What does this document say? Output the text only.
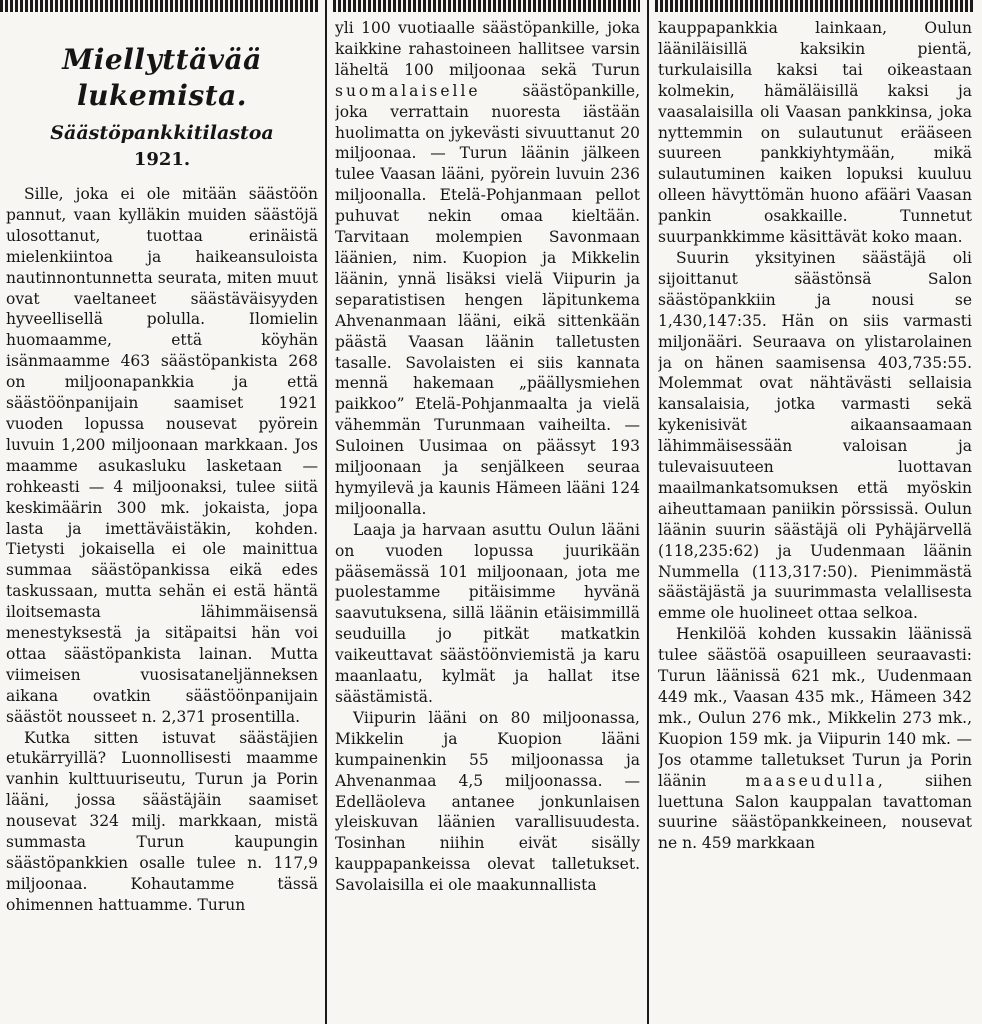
Miellyttävää lukemista.
Säästöpankkitilastoa
1921.

Sille, joka ei ole mitään säästöön pannut, vaan kylläkin muiden säästöjä ulosottanut, tuottaa erinäistä mielenkiintoa ja haikeansuloista nautinnontunnetta seurata, miten muut ovat vaeltaneet säästäväisyyden hyveellisellä polulla. Ilomielin huomaamme, että köyhän isänmaamme 463 säästöpankista 268 on miljoonapankkia ja että säästöönpanijain saamiset 1921 vuoden lopussa nousevat pyörein luvuin 1,200 miljoonaan markkaan. Jos maamme asukasluku lasketaan — rohkeasti — 4 miljoonaksi, tulee siitä keskimäärin 300 mk. jokaista, jopa lasta ja imettäväistäkin, kohden. Tietysti jokaisella ei ole mainittua summaa säästöpankissa eikä edes taskussaan, mutta sehän ei estä häntä iloitsemasta lähimmäisensä menestyksestä ja sitäpaitsi hän voi ottaa säästöpankista lainan. Mutta viimeisen vuosisataneljänneksen aikana ovatkin säästöönpanijain säästöt nousseet n. 2,371 prosentilla.

Kutka sitten istuvat säästäjien etukärryillä? Luonnollisesti maamme vanhin kulttuuriseutu, Turun ja Porin lääni, jossa säästäjäin saamiset nousevat 324 milj. markkaan, mistä summasta Turun kaupungin säästöpankkien osalle tulee n. 117,9 miljoonaa. Kohautamme tässä ohimennen hattuamme. Turun

yli 100 vuotiaalle säästöpankille, joka kaikkine rahastoineen hallitsee varsin läheltä 100 miljoonaa sekä Turun suomalaiselle	säästöpankille, joka verrattain nuoresta iästään huolimatta on jykevästi sivuuttanut 20 miljoonaa. — Turun läänin jälkeen tulee Vaasan lääni, pyörein luvuin 236 miljoonalla. Etelä-Pohjanmaan pellot puhuvat nekin omaa kieltään. Tarvitaan molempien Savonmaan läänien, nim. Kuopion ja Mikkelin läänin, ynnä lisäksi vielä Viipurin ja separatistisen hengen läpitunkema Ahvenanmaan lääni, eikä sittenkään päästä Vaasan läänin talletusten tasalle. Savolaisten ei siis kannata mennä hakemaan „päällysmiehen paikkoo” Etelä-Pohjanmaalta ja vielä vähemmän Turunmaan vaiheilta. — Suloinen Uusimaa on päässyt 193 miljoonaan ja senjälkeen seuraa hymyilevä ja kaunis Hämeen lääni 124 miljoonalla.

Laaja ja harvaan asuttu Oulun lääni on vuoden lopussa juurikään pääsemässä 101 miljoonaan, jota me puolestamme pitäisimme hyvänä saavutuksena, sillä läänin etäisimmillä seuduilla jo pitkät matkatkin vaikeuttavat säästöönviemistä ja karu maanlaatu, kylmät ja hallat itse säästämistä.

Viipurin lääni on 80 miljoonassa, Mikkelin ja Kuopion lääni kumpainenkin 55 miljoonassa ja Ahvenanmaa 4,5 miljoonassa. — Edelläoleva antanee jonkunlaisen yleiskuvan läänien varallisuudesta. Tosinhan niihin eivät sisälly kauppapankeissa olevat talletukset. Savolaisilla ei ole maakunnallista

kauppapankkia lainkaan, Oulun lääniläisillä kaksikin pientä, turkulaisilla kaksi tai oikeastaan kolmekin, hämäläisillä kaksi ja vaasalaisilla oli Vaasan pankkinsa, joka nyttemmin on sulautunut erääseen suureen pankkiyhtymään, mikä sulautuminen kaiken lopuksi kuuluu olleen hävyttömän huono afääri Vaasan pankin osakkaille. Tunnetut suurpankkimme käsittävät koko maan.

Suurin yksityinen säästäjä oli sijoittanut säästönsä Salon säästöpankkiin ja nousi se 1,430,147:35. Hän on siis varmasti miljonääri. Seuraava on ylistarolainen ja on hänen saamisensa 403,735:55. Molemmat ovat nähtävästi sellaisia kansalaisia, jotka varmasti sekä kykenisivät aikaansaamaan lähimmäisessään valoisan ja tulevaisuuteen luottavan maailmankatsomuksen että myöskin aiheuttamaan paniikin pörssissä. Oulun läänin suurin säästäjä oli Pyhäjärvellä (118,235:62) ja Uudenmaan läänin Nummella (113,317:50). Pienimmästä säästäjästä ja suurimmasta velallisesta emme ole huolineet ottaa selkoa.

Henkilöä kohden kussakin läänissä tulee säästöä osapuilleen seuraavasti: Turun läänissä 621 mk., Uudenmaan 449 mk., Vaasan 435 mk., Hämeen 342 mk., Oulun 276 mk., Mikkelin 273 mk., Kuopion 159 mk. ja Viipurin 140 mk. — Jos otamme talletukset Turun ja Porin läänin	maaseudulla,	siihen luettuna Salon kauppalan tavattoman suurine säästöpankkeineen, nousevat ne n. 459 markkaan
